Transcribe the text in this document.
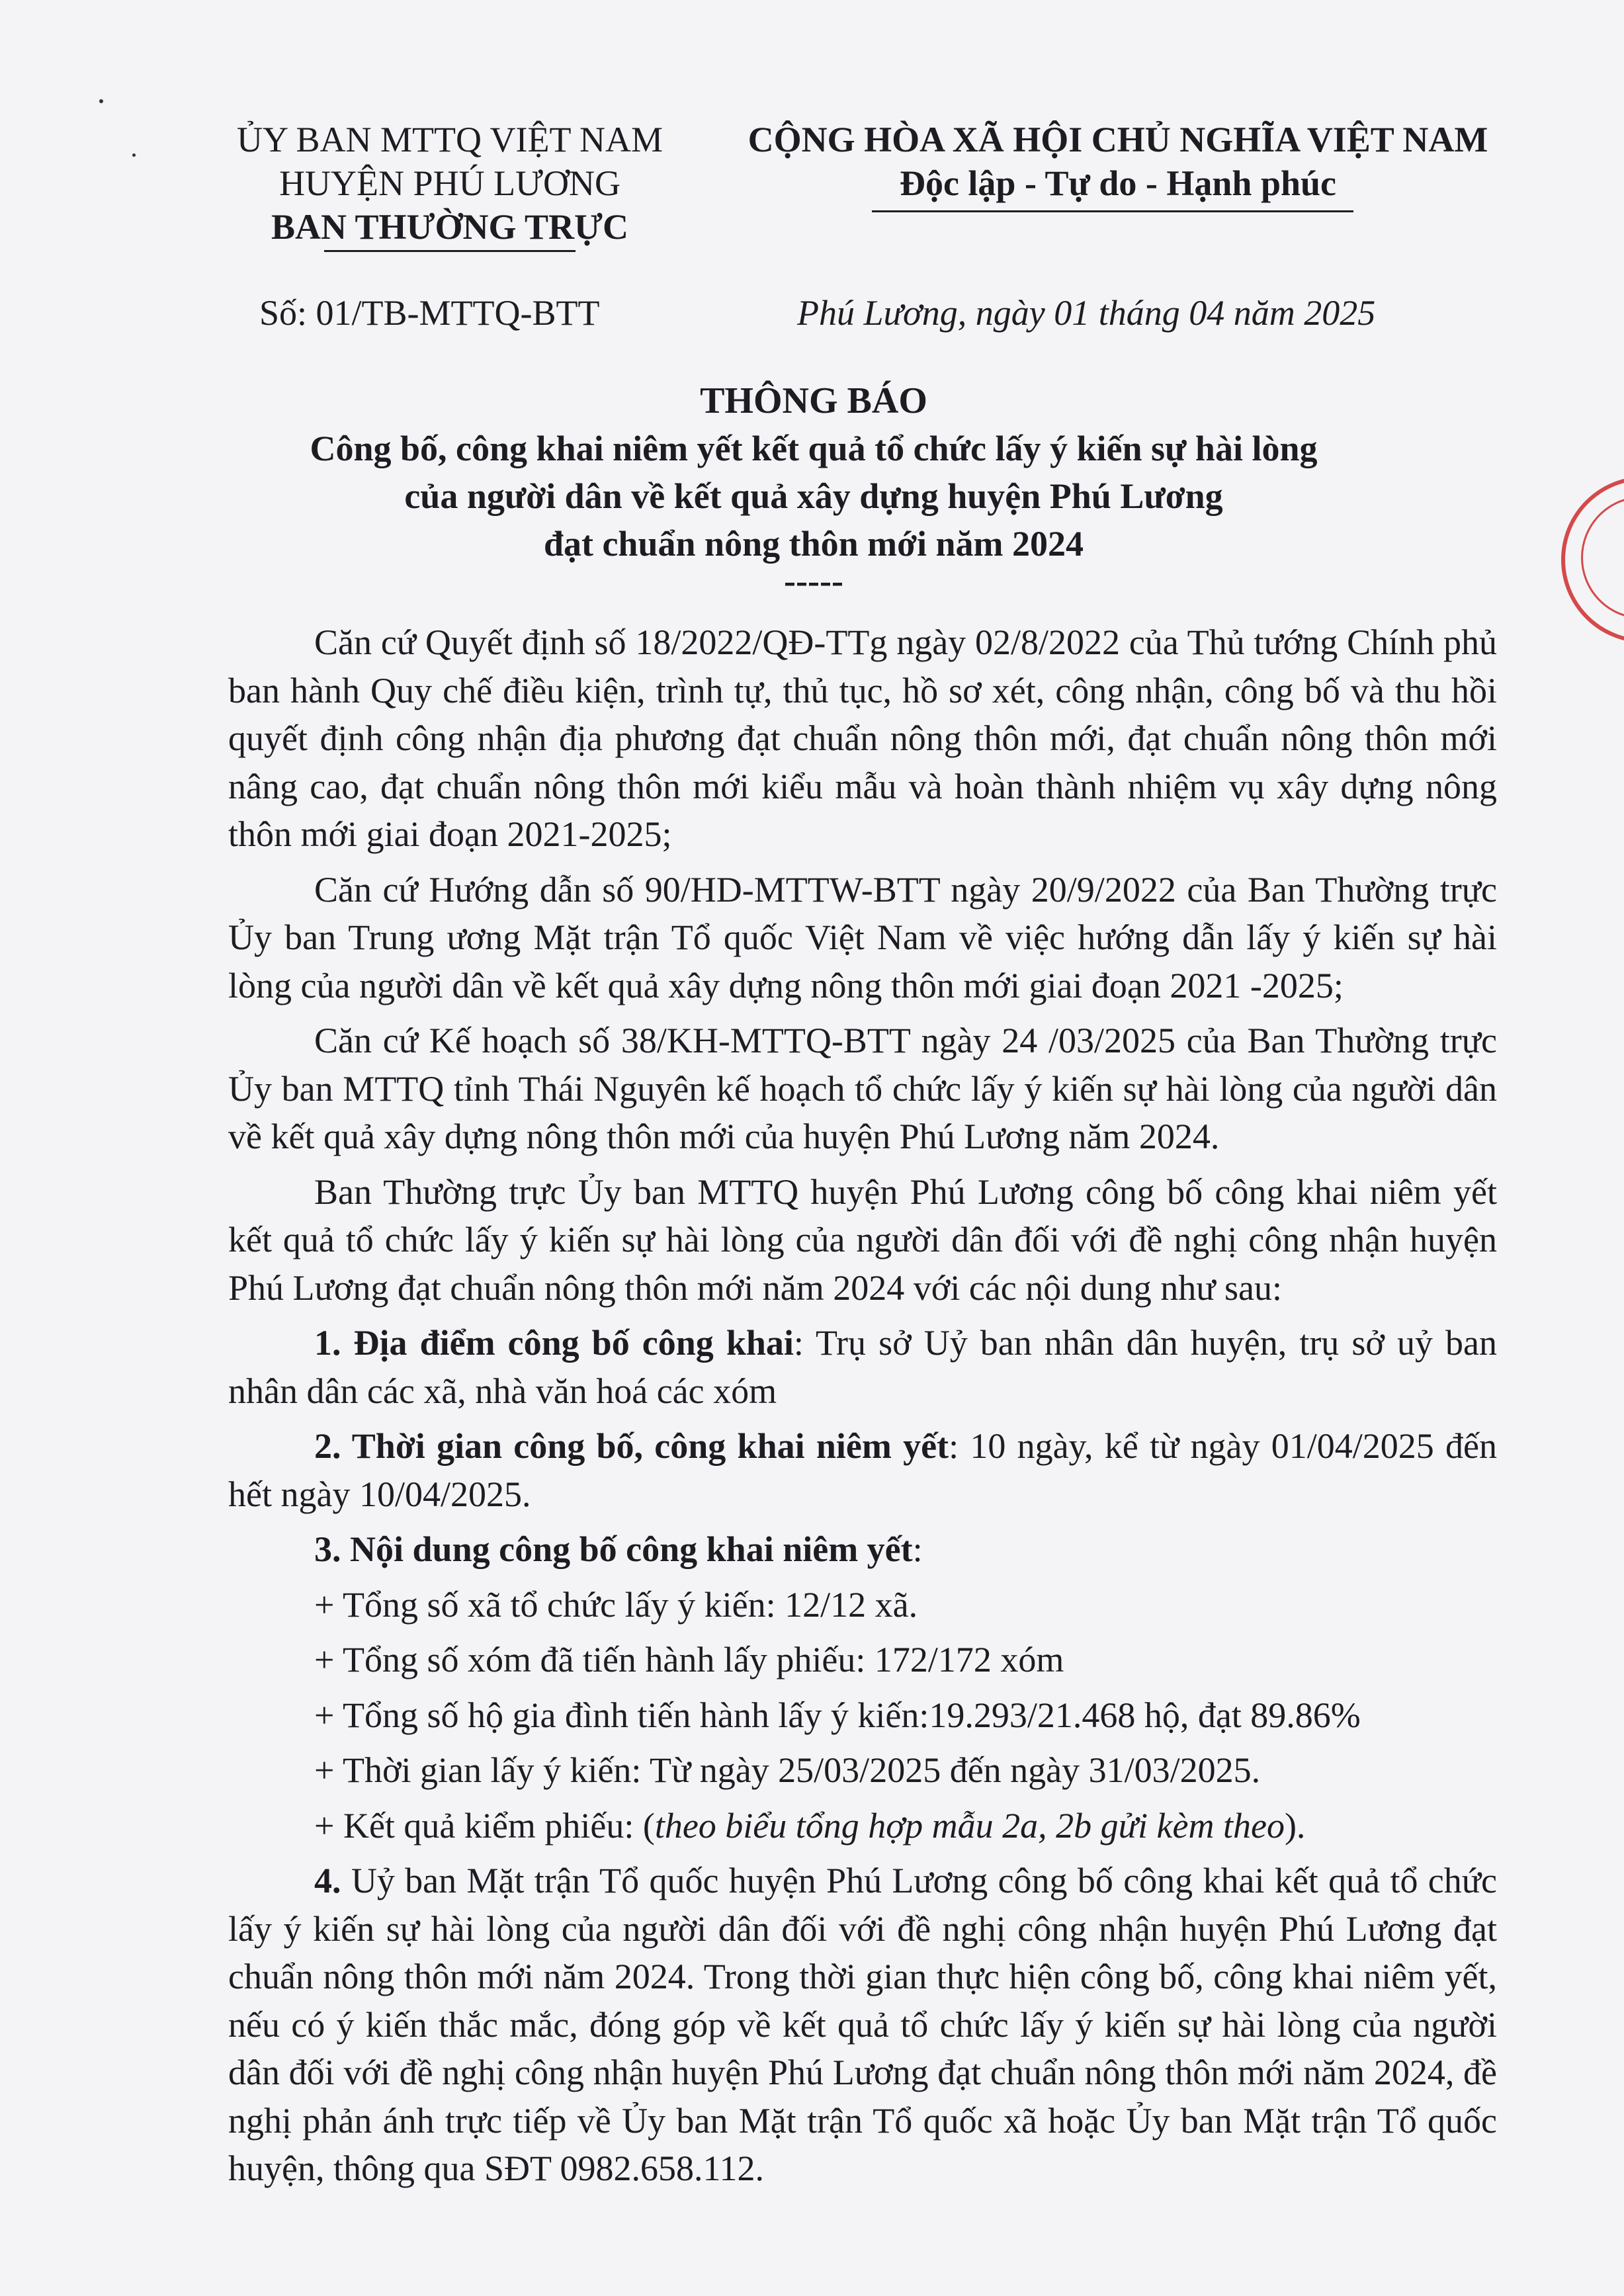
ỦY BAN MTTQ VIỆT NAM
HUYỆN PHÚ LƯƠNG
BAN THƯỜNG TRỰC
CỘNG HÒA XÃ HỘI CHỦ NGHĨA VIỆT NAM
Độc lập - Tự do - Hạnh phúc
Số: 01/TB-MTTQ-BTT	Phú Lương, ngày 01 tháng 04 năm 2025
THÔNG BÁO
Công bố, công khai niêm yết kết quả tổ chức lấy ý kiến sự hài lòng
của người dân về kết quả xây dựng huyện Phú Lương
đạt chuẩn nông thôn mới năm 2024
-----

Căn cứ Quyết định số 18/2022/QĐ-TTg ngày 02/8/2022 của Thủ tướng Chính phủ ban hành Quy chế điều kiện, trình tự, thủ tục, hồ sơ xét, công nhận, công bố và thu hồi quyết định công nhận địa phương đạt chuẩn nông thôn mới, đạt chuẩn nông thôn mới nâng cao, đạt chuẩn nông thôn mới kiểu mẫu và hoàn thành nhiệm vụ xây dựng nông thôn mới giai đoạn 2021-2025;

Căn cứ Hướng dẫn số 90/HD-MTTW-BTT ngày 20/9/2022 của Ban Thường trực Ủy ban Trung ương Mặt trận Tổ quốc Việt Nam về việc hướng dẫn lấy ý kiến sự hài lòng của người dân về kết quả xây dựng nông thôn mới giai đoạn 2021 -2025;

Căn cứ Kế hoạch số 38/KH-MTTQ-BTT ngày 24 /03/2025 của Ban Thường trực Ủy ban MTTQ tỉnh Thái Nguyên kế hoạch tổ chức lấy ý kiến sự hài lòng của người dân về kết quả xây dựng nông thôn mới của huyện Phú Lương năm 2024.

Ban Thường trực Ủy ban MTTQ huyện Phú Lương công bố công khai niêm yết kết quả tổ chức lấy ý kiến sự hài lòng của người dân đối với đề nghị công nhận huyện Phú Lương đạt chuẩn nông thôn mới năm 2024 với các nội dung như sau:

1. Địa điểm công bố công khai: Trụ sở Uỷ ban nhân dân huyện, trụ sở uỷ ban nhân dân các xã, nhà văn hoá các xóm

2. Thời gian công bố, công khai niêm yết: 10 ngày, kể từ ngày 01/04/2025 đến hết ngày 10/04/2025.

3. Nội dung công bố công khai niêm yết:

+ Tổng số xã tổ chức lấy ý kiến: 12/12 xã.

+ Tổng số xóm đã tiến hành lấy phiếu: 172/172 xóm

+ Tổng số hộ gia đình tiến hành lấy ý kiến:19.293/21.468 hộ, đạt 89.86%

+ Thời gian lấy ý kiến: Từ ngày 25/03/2025 đến ngày 31/03/2025.

+ Kết quả kiểm phiếu: (theo biểu tổng hợp mẫu 2a, 2b gửi kèm theo).

4. Uỷ ban Mặt trận Tổ quốc huyện Phú Lương công bố công khai kết quả tổ chức lấy ý kiến sự hài lòng của người dân đối với đề nghị công nhận huyện Phú Lương đạt chuẩn nông thôn mới năm 2024. Trong thời gian thực hiện công bố, công khai niêm yết, nếu có ý kiến thắc mắc, đóng góp về kết quả tổ chức lấy ý kiến sự hài lòng của người dân đối với đề nghị công nhận huyện Phú Lương đạt chuẩn nông thôn mới năm 2024, đề nghị phản ánh trực tiếp về Ủy ban Mặt trận Tổ quốc xã hoặc Ủy ban Mặt trận Tổ quốc huyện, thông qua SĐT 0982.658.112.
